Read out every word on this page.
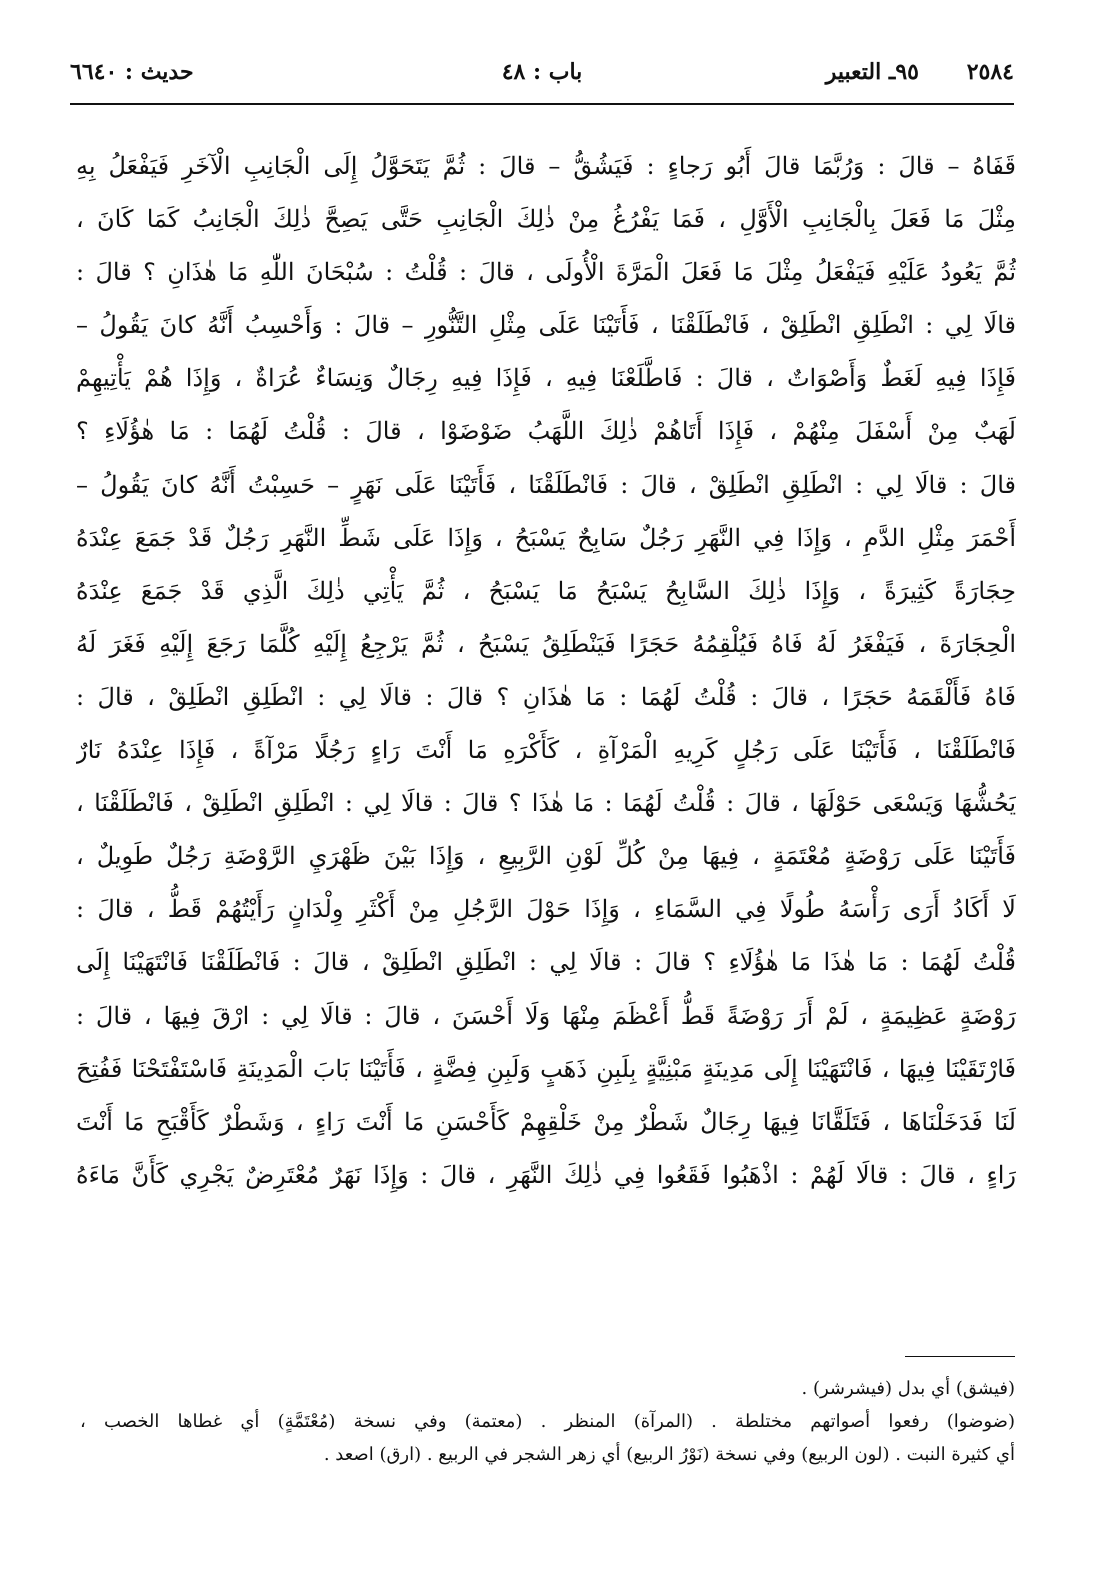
٢٥٨٤
٩٥ـ التعبير
باب : ٤٨
حديث : ٦٦٤٠
قَفَاهُ – قالَ : وَرُبَّمَا قالَ أَبُو رَجاءٍ : فَيَشُقُّ – قالَ : ثُمَّ يَتَحَوَّلُ إِلَى الْجَانِبِ الْآخَرِ فَيَفْعَلُ بِهِ
مِثْلَ مَا فَعَلَ بِالْجَانِبِ الْأَوَّلِ ، فَمَا يَفْرُغُ مِنْ ذٰلِكَ الْجَانِبِ حَتَّى يَصِحَّ ذٰلِكَ الْجَانِبُ كَمَا كَانَ ،
ثُمَّ يَعُودُ عَلَيْهِ فَيَفْعَلُ مِثْلَ مَا فَعَلَ الْمَرَّةَ الْأُولَى ، قالَ : قُلْتُ : سُبْحَانَ اللّٰهِ مَا هٰذَانِ ؟ قالَ :
قالَا لِي : انْطَلِقِ انْطَلِقْ ، فَانْطَلَقْنَا ، فَأَتَيْنَا عَلَى مِثْلِ التَّنُّورِ – قالَ : وَأَحْسِبُ أَنَّهُ كانَ يَقُولُ –
فَإِذَا فِيهِ لَغَطٌ وَأَصْوَاتٌ ، قالَ : فَاطَّلَعْنَا فِيهِ ، فَإِذَا فِيهِ رِجَالٌ وَنِسَاءٌ عُرَاةٌ ، وَإِذَا هُمْ يَأْتِيهِمْ
لَهَبٌ مِنْ أَسْفَلَ مِنْهُمْ ، فَإِذَا أَتَاهُمْ ذٰلِكَ اللَّهَبُ ضَوْضَوْا ، قالَ : قُلْتُ لَهُمَا : مَا هٰؤُلَاءِ ؟
قالَ : قالَا لِي : انْطَلِقِ انْطَلِقْ ، قالَ : فَانْطَلَقْنَا ، فَأَتَيْنَا عَلَى نَهَرٍ – حَسِبْتُ أَنَّهُ كانَ يَقُولُ –
أَحْمَرَ مِثْلِ الدَّمِ ، وَإِذَا فِي النَّهَرِ رَجُلٌ سَابِحٌ يَسْبَحُ ، وَإِذَا عَلَى شَطِّ النَّهَرِ رَجُلٌ قَدْ جَمَعَ عِنْدَهُ
حِجَارَةً كَثِيرَةً ، وَإِذَا ذٰلِكَ السَّابِحُ يَسْبَحُ مَا يَسْبَحُ ، ثُمَّ يَأْتِي ذٰلِكَ الَّذِي قَدْ جَمَعَ عِنْدَهُ
الْحِجَارَةَ ، فَيَفْغَرُ لَهُ فَاهُ فَيُلْقِمُهُ حَجَرًا فَيَنْطَلِقُ يَسْبَحُ ، ثُمَّ يَرْجِعُ إِلَيْهِ كُلَّمَا رَجَعَ إِلَيْهِ فَغَرَ لَهُ
فَاهُ فَأَلْقَمَهُ حَجَرًا ، قالَ : قُلْتُ لَهُمَا : مَا هٰذَانِ ؟ قالَ : قالَا لِي : انْطَلِقِ انْطَلِقْ ، قالَ :
فَانْطَلَقْنَا ، فَأَتَيْنَا عَلَى رَجُلٍ كَرِيهِ الْمَرْآةِ ، كَأَكْرَهِ مَا أَنْتَ رَاءٍ رَجُلًا مَرْآةً ، فَإِذَا عِنْدَهُ نَارٌ
يَحُشُّهَا وَيَسْعَى حَوْلَهَا ، قالَ : قُلْتُ لَهُمَا : مَا هٰذَا ؟ قالَ : قالَا لِي : انْطَلِقِ انْطَلِقْ ، فَانْطَلَقْنَا ،
فَأَتَيْنَا عَلَى رَوْضَةٍ مُعْتَمَةٍ ، فِيهَا مِنْ كُلِّ لَوْنِ الرَّبِيعِ ، وَإِذَا بَيْنَ ظَهْرَيِ الرَّوْضَةِ رَجُلٌ طَوِيلٌ ،
لَا أَكَادُ أَرَى رَأْسَهُ طُولًا فِي السَّمَاءِ ، وَإِذَا حَوْلَ الرَّجُلِ مِنْ أَكْثَرِ وِلْدَانٍ رَأَيْتُهُمْ قَطُّ ، قالَ :
قُلْتُ لَهُمَا : مَا هٰذَا مَا هٰؤُلَاءِ ؟ قالَ : قالَا لِي : انْطَلِقِ انْطَلِقْ ، قالَ : فَانْطَلَقْنَا فَانْتَهَيْنَا إِلَى
رَوْضَةٍ عَظِيمَةٍ ، لَمْ أَرَ رَوْضَةً قَطُّ أَعْظَمَ مِنْهَا وَلَا أَحْسَنَ ، قالَ : قالَا لِي : ارْقَ فِيهَا ، قالَ :
فَارْتَقَيْنَا فِيهَا ، فَانْتَهَيْنَا إِلَى مَدِينَةٍ مَبْنِيَّةٍ بِلَبِنِ ذَهَبٍ وَلَبِنِ فِضَّةٍ ، فَأَتَيْنَا بَابَ الْمَدِينَةِ فَاسْتَفْتَحْنَا فَفُتِحَ
لَنَا فَدَخَلْنَاهَا ، فَتَلَقَّانَا فِيهَا رِجَالٌ شَطْرٌ مِنْ خَلْقِهِمْ كَأَحْسَنِ مَا أَنْتَ رَاءٍ ، وَشَطْرٌ كَأَقْبَحِ مَا أَنْتَ
رَاءٍ ، قالَ : قالَا لَهُمْ : اذْهَبُوا فَقَعُوا فِي ذٰلِكَ النَّهَرِ ، قالَ : وَإِذَا نَهَرٌ مُعْتَرِضٌ يَجْرِي كَأَنَّ مَاءَهُ
(فيشق) أي بدل (فيشرشر) .
(ضوضوا) رفعوا أصواتهم مختلطة . (المرآة) المنظر . (معتمة) وفي نسخة (مُعْتَمَّةٍ) أي غطاها الخصب ،
أي كثيرة النبت . (لون الربيع) وفي نسخة (نَوْرُ الربيع) أي زهر الشجر في الربيع . (ارق) اصعد .
